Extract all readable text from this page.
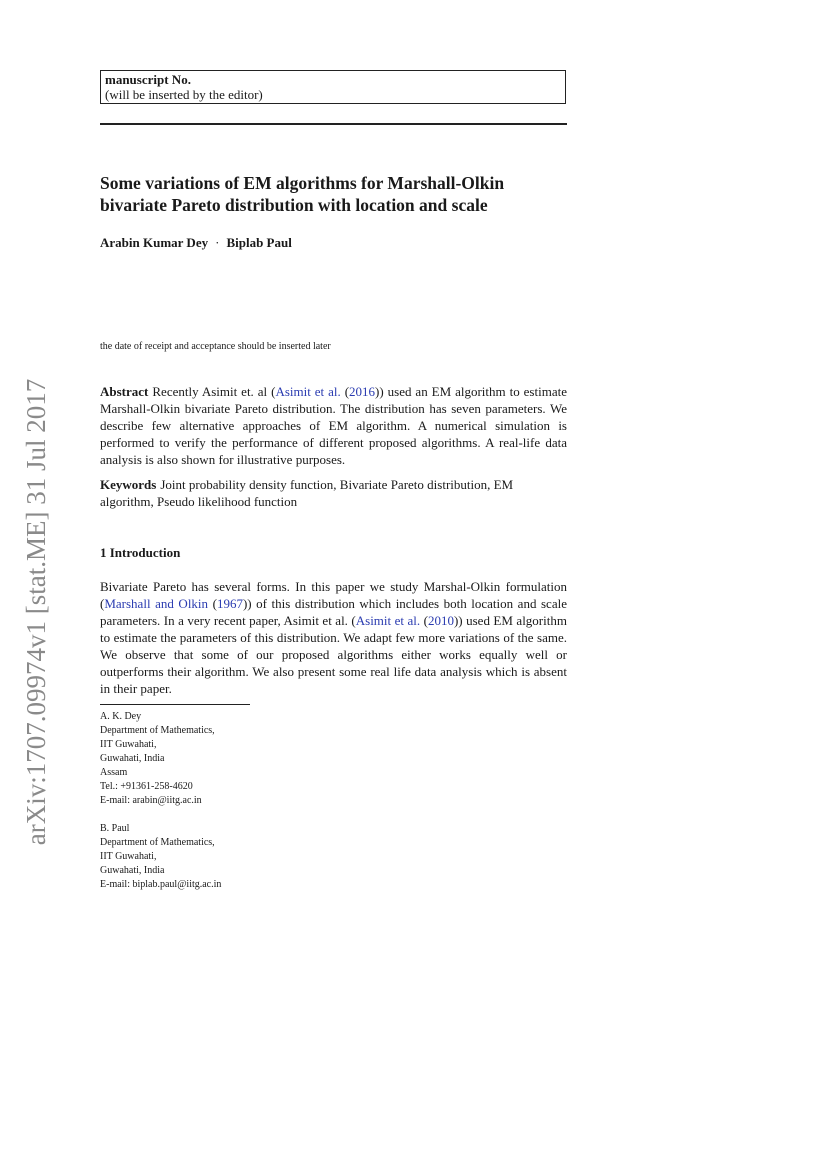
arXiv:1707.09974v1 [stat.ME] 31 Jul 2017
manuscript No.
(will be inserted by the editor)
Some variations of EM algorithms for Marshall-Olkin
bivariate Pareto distribution with location and scale
Arabin Kumar Dey · Biplab Paul
the date of receipt and acceptance should be inserted later
Abstract Recently Asimit et. al (Asimit et al. (2016)) used an EM algorithm to estimate Marshall-Olkin bivariate Pareto distribution. The distribution has seven parameters. We describe few alternative approaches of EM algorithm. A numerical simulation is performed to verify the performance of different proposed algorithms. A real-life data analysis is also shown for illustrative purposes.
Keywords Joint probability density function, Bivariate Pareto distribution, EM algorithm, Pseudo likelihood function
1 Introduction
Bivariate Pareto has several forms. In this paper we study Marshal-Olkin formulation (Marshall and Olkin (1967)) of this distribution which includes both location and scale parameters. In a very recent paper, Asimit et al. (Asimit et al. (2010)) used EM algorithm to estimate the parameters of this distribution. We adapt few more variations of the same. We observe that some of our proposed algorithms either works equally well or outperforms their algorithm. We also present some real life data analysis which is absent in their paper.
A. K. Dey
Department of Mathematics,
IIT Guwahati,
Guwahati, India
Assam
Tel.: +91361-258-4620
E-mail: arabin@iitg.ac.in
B. Paul
Department of Mathematics,
IIT Guwahati,
Guwahati, India
E-mail: biplab.paul@iitg.ac.in
